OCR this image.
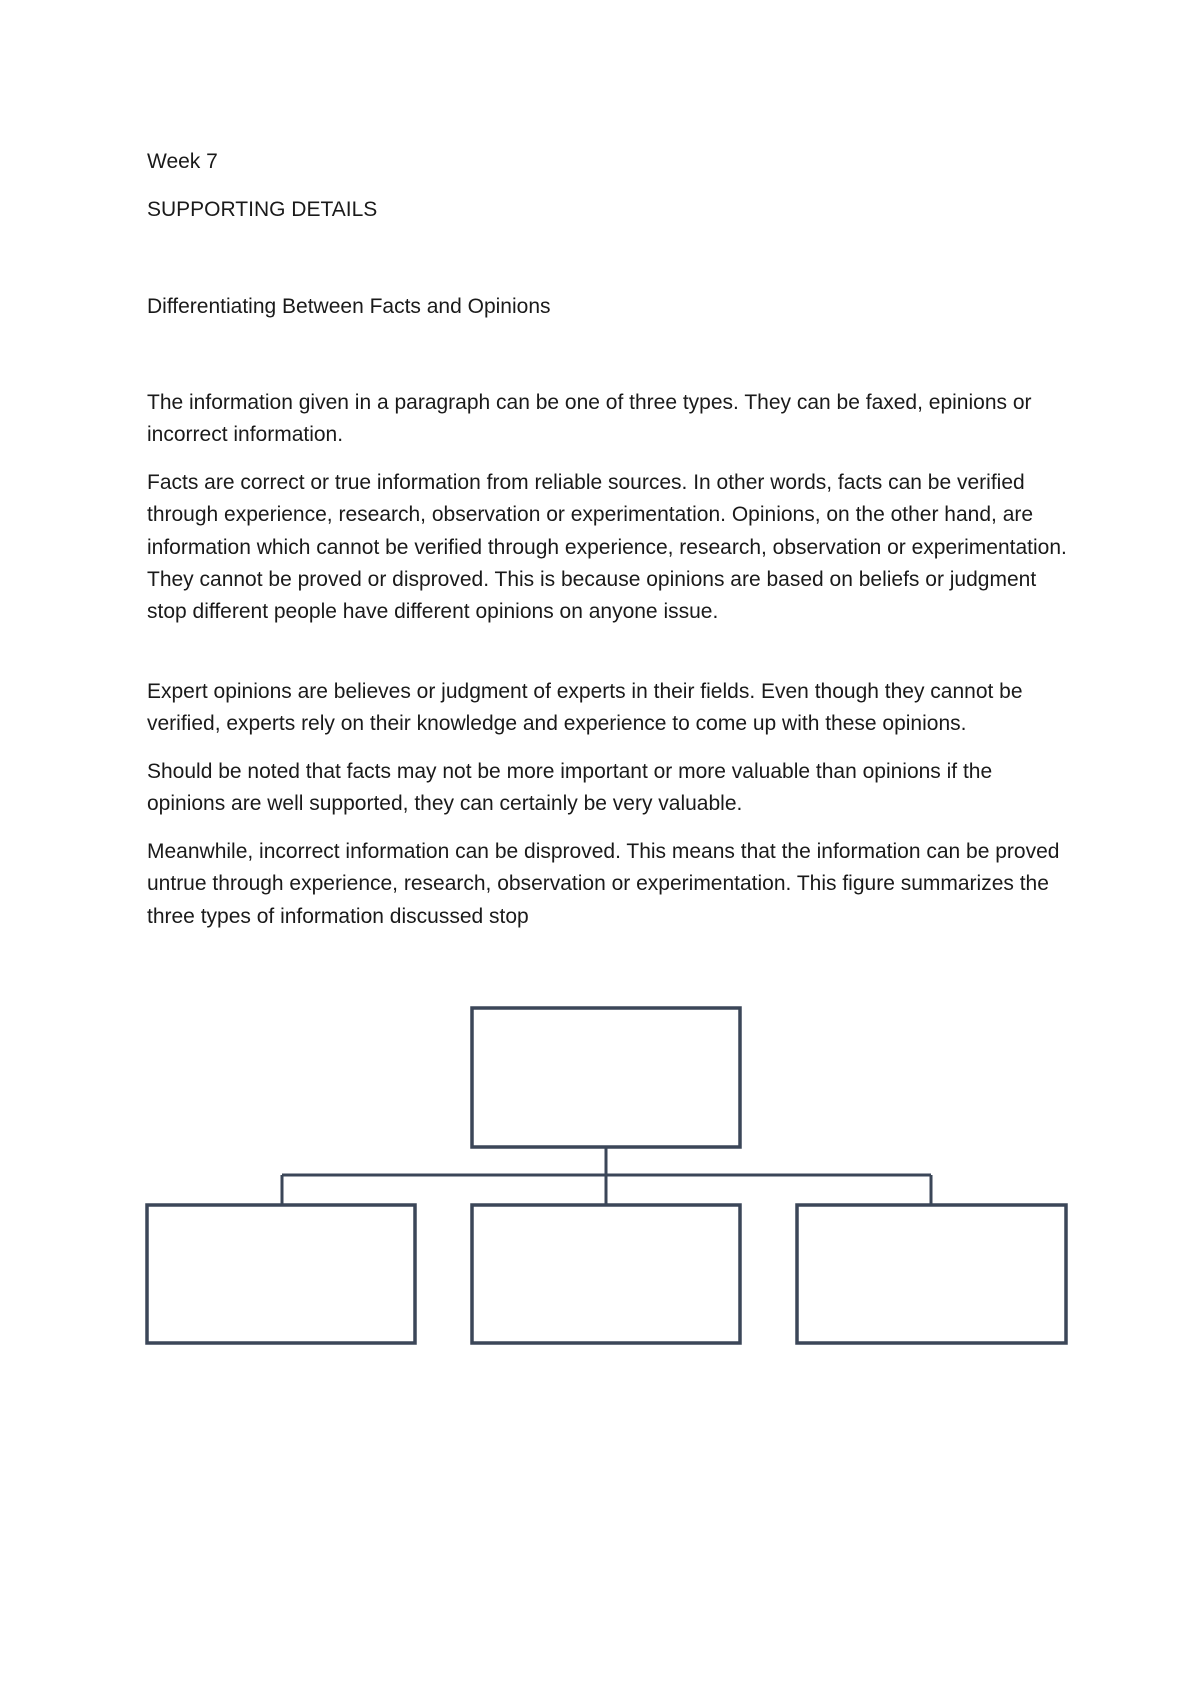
Week 7

SUPPORTING DETAILS

Differentiating Between Facts and Opinions

The information given in a paragraph can be one of three types. They can be faxed, epinions or incorrect information.

Facts are correct or true information from reliable sources. In other words, facts can be verified through experience, research, observation or experimentation. Opinions, on the other hand, are information which cannot be verified through experience, research, observation or experimentation. They cannot be proved or disproved. This is because opinions are based on beliefs or judgment stop different people have different opinions on anyone issue.

Expert opinions are believes or judgment of experts in their fields. Even though they cannot be verified, experts rely on their knowledge and experience to come up with these opinions.

Should be noted that facts may not be more important or more valuable than opinions if the opinions are well supported, they can certainly be very valuable.

Meanwhile, incorrect information can be disproved. This means that the information can be proved untrue through experience, research, observation or experimentation. This figure summarizes the three types of information discussed stop
